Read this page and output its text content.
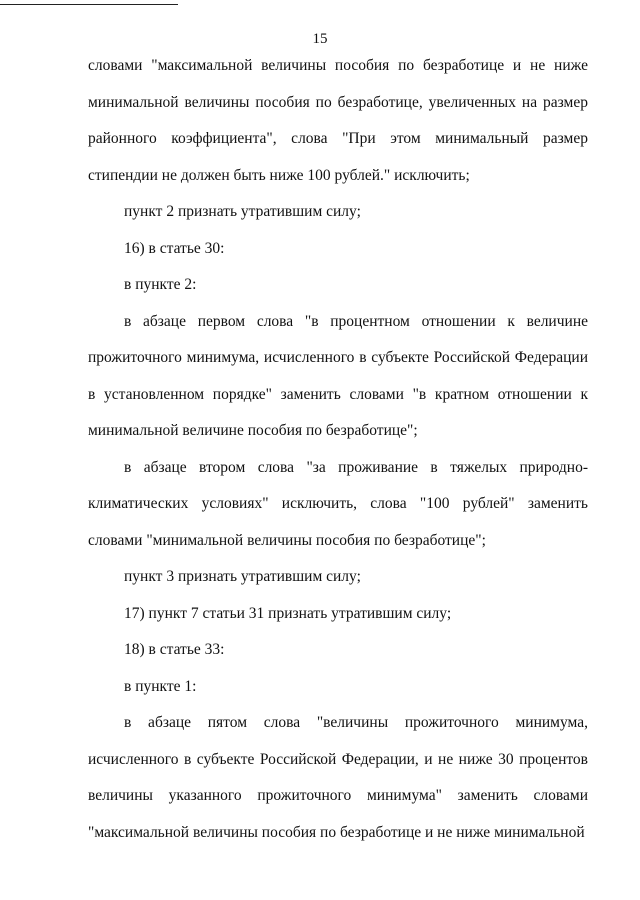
15

словами "максимальной величины пособия по безработице и не ниже минимальной величины пособия по безработице, увеличенных на размер районного коэффициента", слова "При этом минимальный размер стипендии не должен быть ниже 100 рублей." исключить;

пункт 2 признать утратившим силу;

16) в статье 30:

в пункте 2:

в абзаце первом слова "в процентном отношении к величине прожиточного минимума, исчисленного в субъекте Российской Федерации в установленном порядке" заменить словами "в кратном отношении к минимальной величине пособия по безработице";

в абзаце втором слова "за проживание в тяжелых природно-климатических условиях" исключить, слова "100 рублей" заменить словами "минимальной величины пособия по безработице";

пункт 3 признать утратившим силу;

17) пункт 7 статьи 31 признать утратившим силу;

18) в статье 33:

в пункте 1:

в абзаце пятом слова "величины прожиточного минимума, исчисленного в субъекте Российской Федерации, и не ниже 30 процентов величины указанного прожиточного минимума" заменить словами "максимальной величины пособия по безработице и не ниже минимальной
